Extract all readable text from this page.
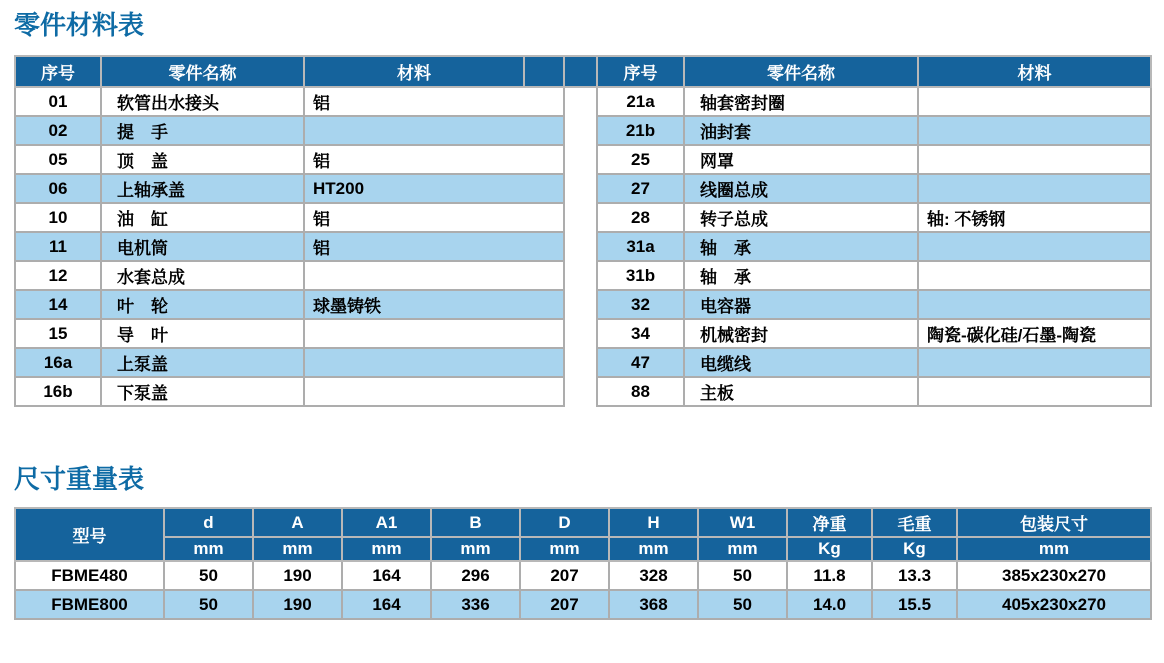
零件材料表
序号	零件名称	材料			序号	零件名称	材料
01	软管出水接头	铝			21a	轴套密封圈	
02	提　手				21b	油封套	
05	顶　盖	铝			25	网罩	
06	上轴承盖	HT200			27	线圈总成	
10	油　缸	铝			28	转子总成	轴: 不锈钢
11	电机筒	铝			31a	轴　承	
12	水套总成				31b	轴　承	
14	叶　轮	球墨铸铁			32	电容器	
15	导　叶				34	机械密封	陶瓷-碳化硅/石墨-陶瓷
16a	上泵盖				47	电缆线	
16b	下泵盖				88	主板	
尺寸重量表
型号	d	A	A1	B	D	H	W1	净重	毛重	包装尺寸
	mm	mm	mm	mm	mm	mm	mm	Kg	Kg	mm
FBME480	50	190	164	296	207	328	50	11.8	13.3	385x230x270
FBME800	50	190	164	336	207	368	50	14.0	15.5	405x230x270
